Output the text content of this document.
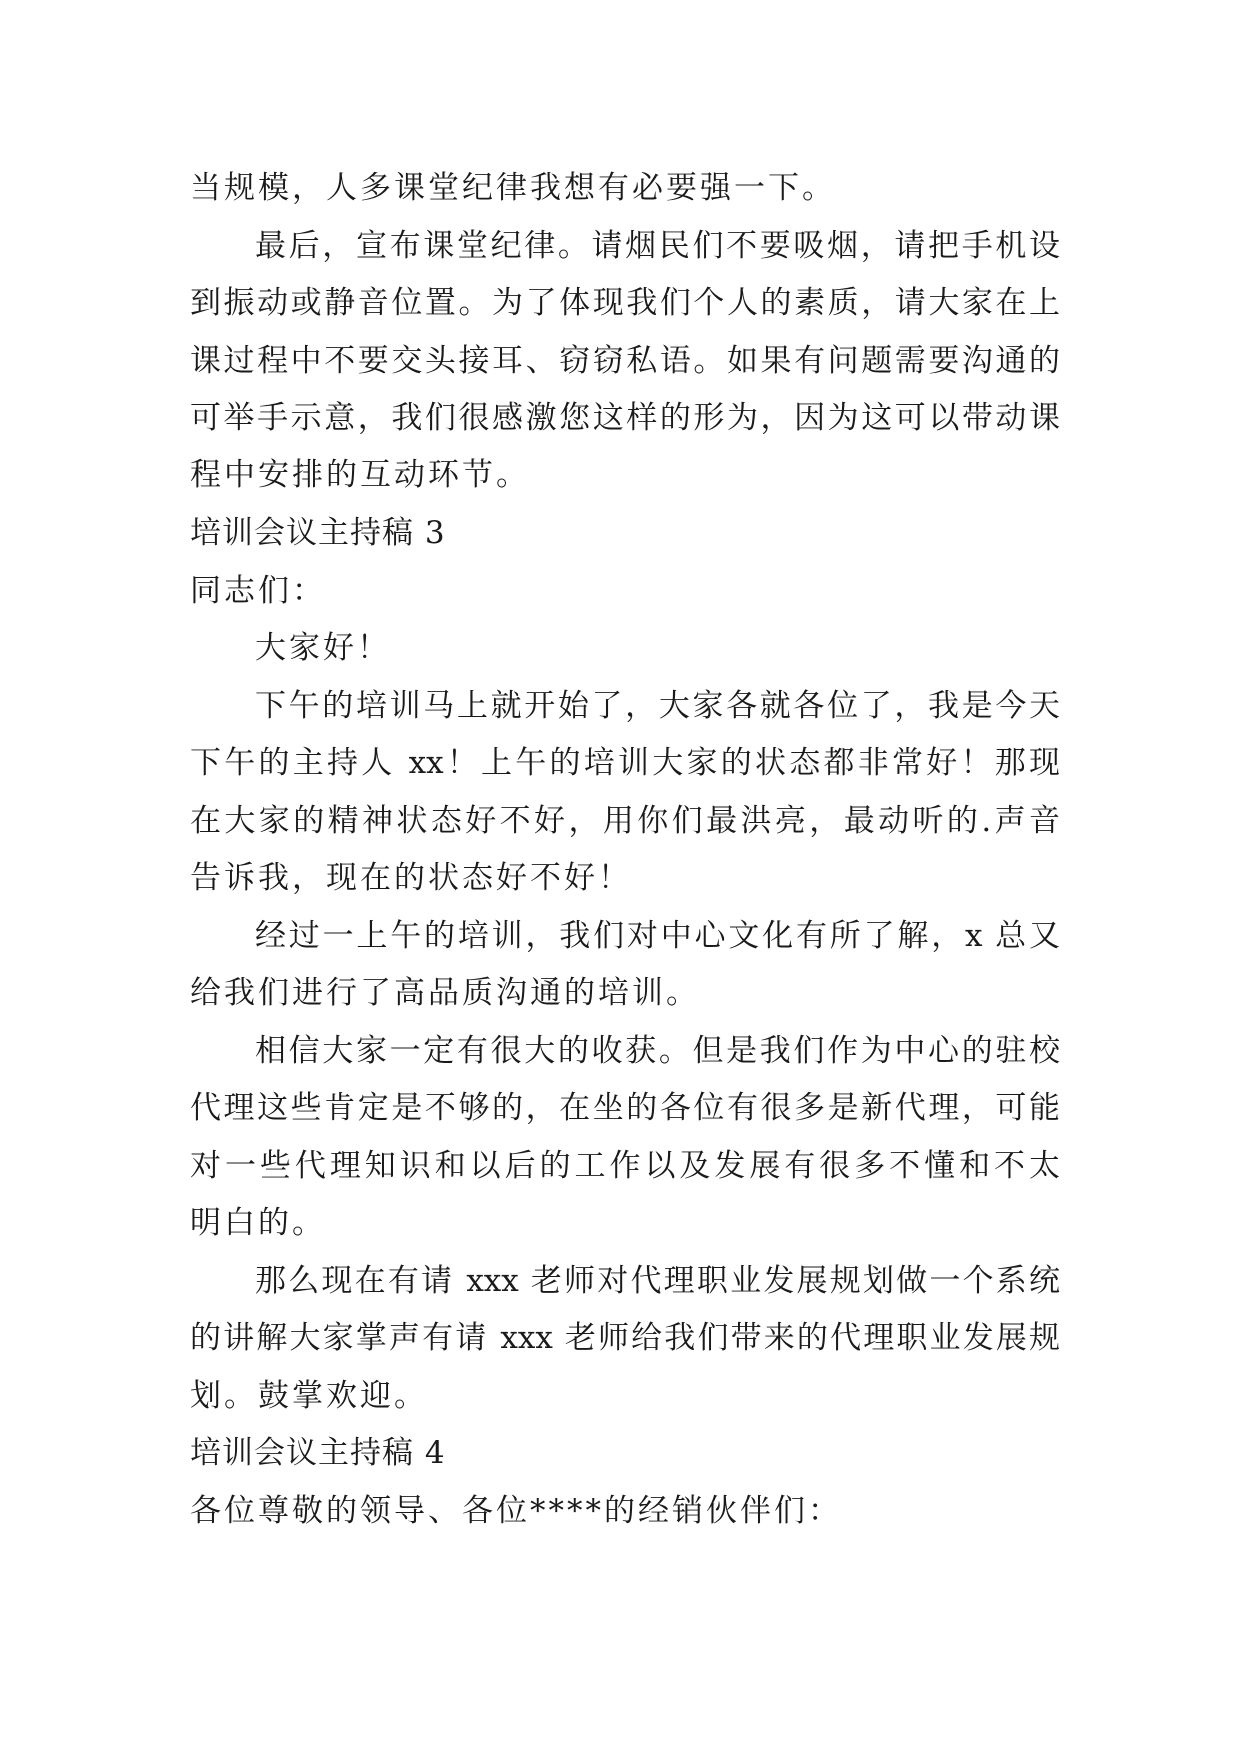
当规模，人多课堂纪律我想有必要强一下。
最后，宣布课堂纪律。请烟民们不要吸烟，请把手机设
到振动或静音位置。为了体现我们个人的素质，请大家在上
课过程中不要交头接耳、窃窃私语。如果有问题需要沟通的
可举手示意，我们很感激您这样的形为，因为这可以带动课
程中安排的互动环节。
培训会议主持稿 3
同志们：
大家好！
下午的培训马上就开始了，大家各就各位了，我是今天
下午的主持人 xx！上午的培训大家的状态都非常好！那现
在大家的精神状态好不好，用你们最洪亮，最动听的.声音
告诉我，现在的状态好不好！
经过一上午的培训，我们对中心文化有所了解，x 总又
给我们进行了高品质沟通的培训。
相信大家一定有很大的收获。但是我们作为中心的驻校
代理这些肯定是不够的，在坐的各位有很多是新代理，可能
对一些代理知识和以后的工作以及发展有很多不懂和不太
明白的。
那么现在有请 xxx 老师对代理职业发展规划做一个系统
的讲解大家掌声有请 xxx 老师给我们带来的代理职业发展规
划。鼓掌欢迎。
培训会议主持稿 4
各位尊敬的领导、各位****的经销伙伴们：
